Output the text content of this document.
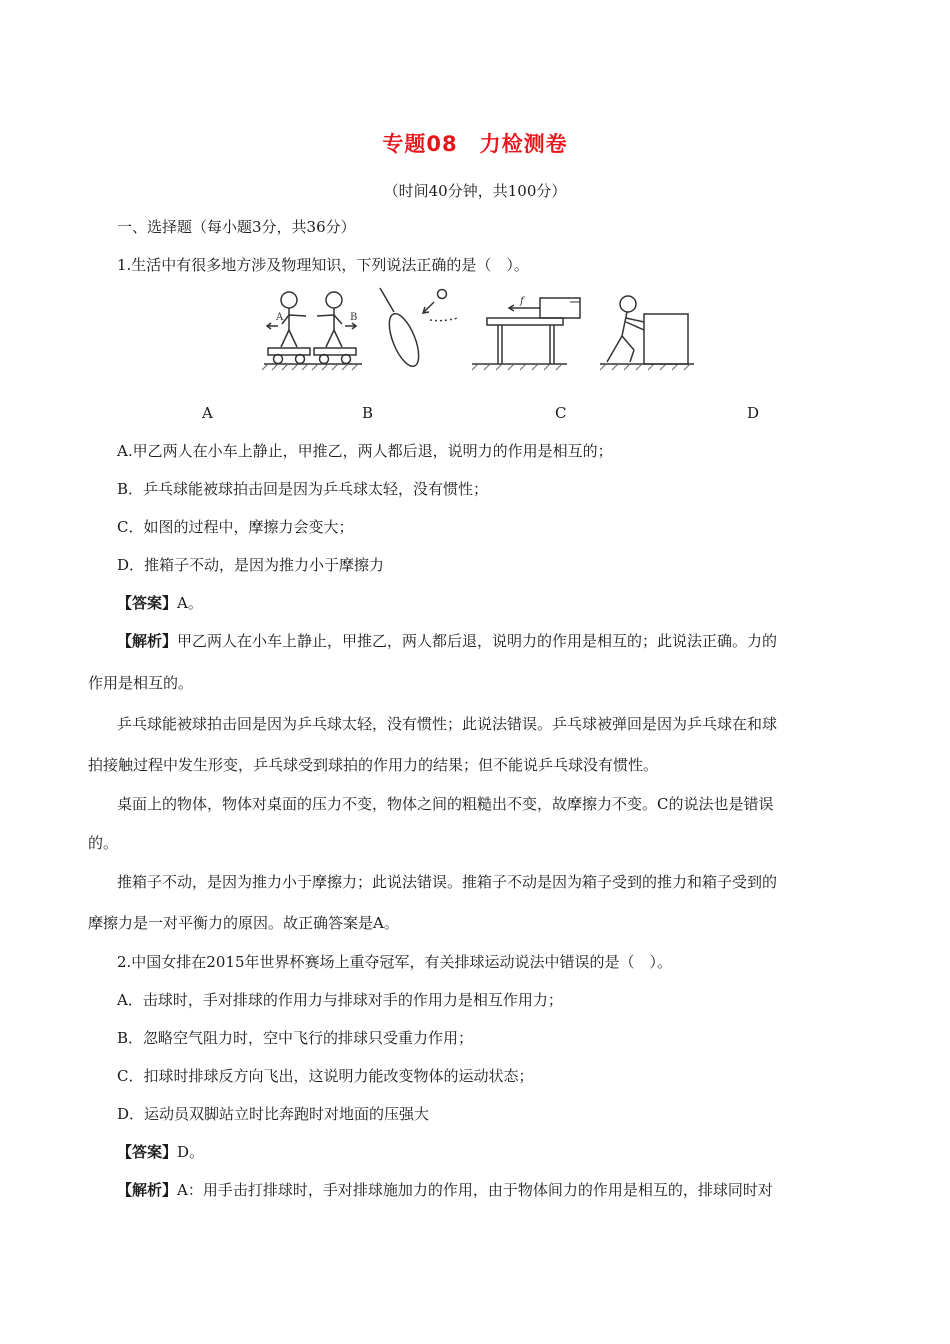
专题08　力检测卷
（时间40分钟，共100分）
一、选择题（每小题3分，共36分）
1.生活中有很多地方涉及物理知识，下列说法正确的是（　）。
A	B
f
A	B	C	D
A.甲乙两人在小车上静止，甲推乙，两人都后退，说明力的作用是相互的；
B．乒乓球能被球拍击回是因为乒乓球太轻，没有惯性；
C．如图的过程中，摩擦力会变大；
D．推箱子不动，是因为推力小于摩擦力
【答案】A。
【解析】甲乙两人在小车上静止，甲推乙，两人都后退，说明力的作用是相互的；此说法正确。力的
作用是相互的。
乒乓球能被球拍击回是因为乒乓球太轻，没有惯性；此说法错误。乒乓球被弹回是因为乒乓球在和球
拍接触过程中发生形变，乒乓球受到球拍的作用力的结果；但不能说乒乓球没有惯性。
桌面上的物体，物体对桌面的压力不变，物体之间的粗糙出不变，故摩擦力不变。C的说法也是错误
的。
推箱子不动，是因为推力小于摩擦力；此说法错误。推箱子不动是因为箱子受到的推力和箱子受到的
摩擦力是一对平衡力的原因。故正确答案是A。
2.中国女排在2015年世界杯赛场上重夺冠军，有关排球运动说法中错误的是（　）。
A．击球时，手对排球的作用力与排球对手的作用力是相互作用力；
B．忽略空气阻力时，空中飞行的排球只受重力作用；
C．扣球时排球反方向飞出，这说明力能改变物体的运动状态；
D．运动员双脚站立时比奔跑时对地面的压强大
【答案】D。
【解析】A：用手击打排球时，手对排球施加力的作用，由于物体间力的作用是相互的，排球同时对
